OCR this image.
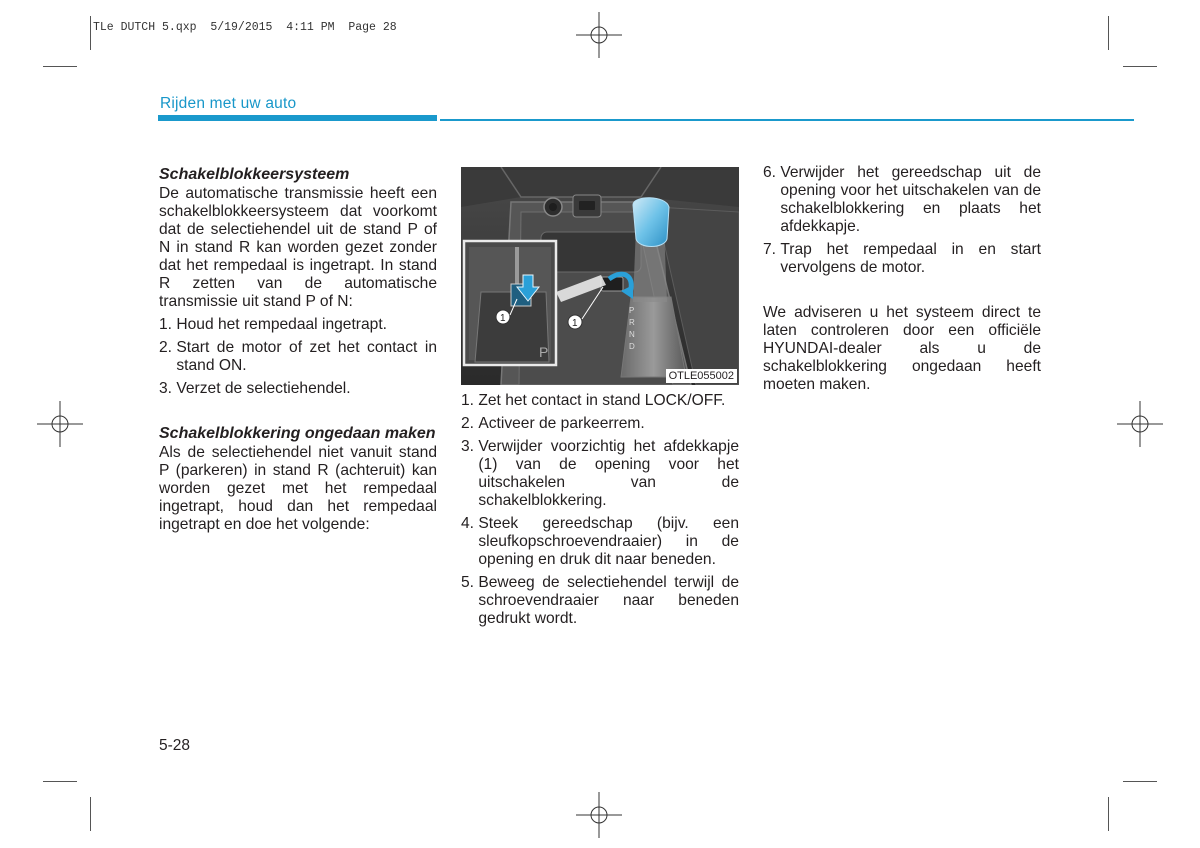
TLe DUTCH 5.qxp  5/19/2015  4:11 PM  Page 28
Rijden met uw auto
Schakelblokkeersysteem

De automatische transmissie heeft een schakelblokkeersysteem dat voorkomt dat de selectiehendel uit de stand P of N in stand R kan worden gezet zonder dat het rempedaal is ingetrapt. In stand R zetten van de automatische transmissie uit stand P of N:

1. Houd het rempedaal ingetrapt.
2. Start de motor of zet het contact in stand ON.
3. Verzet de selectiehendel.
Schakelblokkering ongedaan maken

Als de selectiehendel niet vanuit stand P (parkeren) in stand R (achteruit) kan worden gezet met het rempedaal ingetrapt, houd dan het rempedaal ingetrapt en doe het volgende:

P
R
N
D
1
P
1
OTLE055002
1. Zet het contact in stand LOCK/OFF.
2. Activeer de parkeerrem.
3. Verwijder voorzichtig het afdekkapje (1) van de opening voor het uitschakelen van de schakelblokkering.
4. Steek gereedschap (bijv. een sleufkopschroevendraaier) in de opening en druk dit naar beneden.
5. Beweeg de selectiehendel terwijl de schroevendraaier naar beneden gedrukt wordt.
6. Verwijder het gereedschap uit de opening voor het uitschakelen van de schakelblokkering en plaats het afdekkapje.
7. Trap het rempedaal in en start vervolgens de motor.

We adviseren u het systeem direct te laten controleren door een officiële HYUNDAI-dealer als u de schakelblokkering ongedaan heeft moeten maken.

5-28
